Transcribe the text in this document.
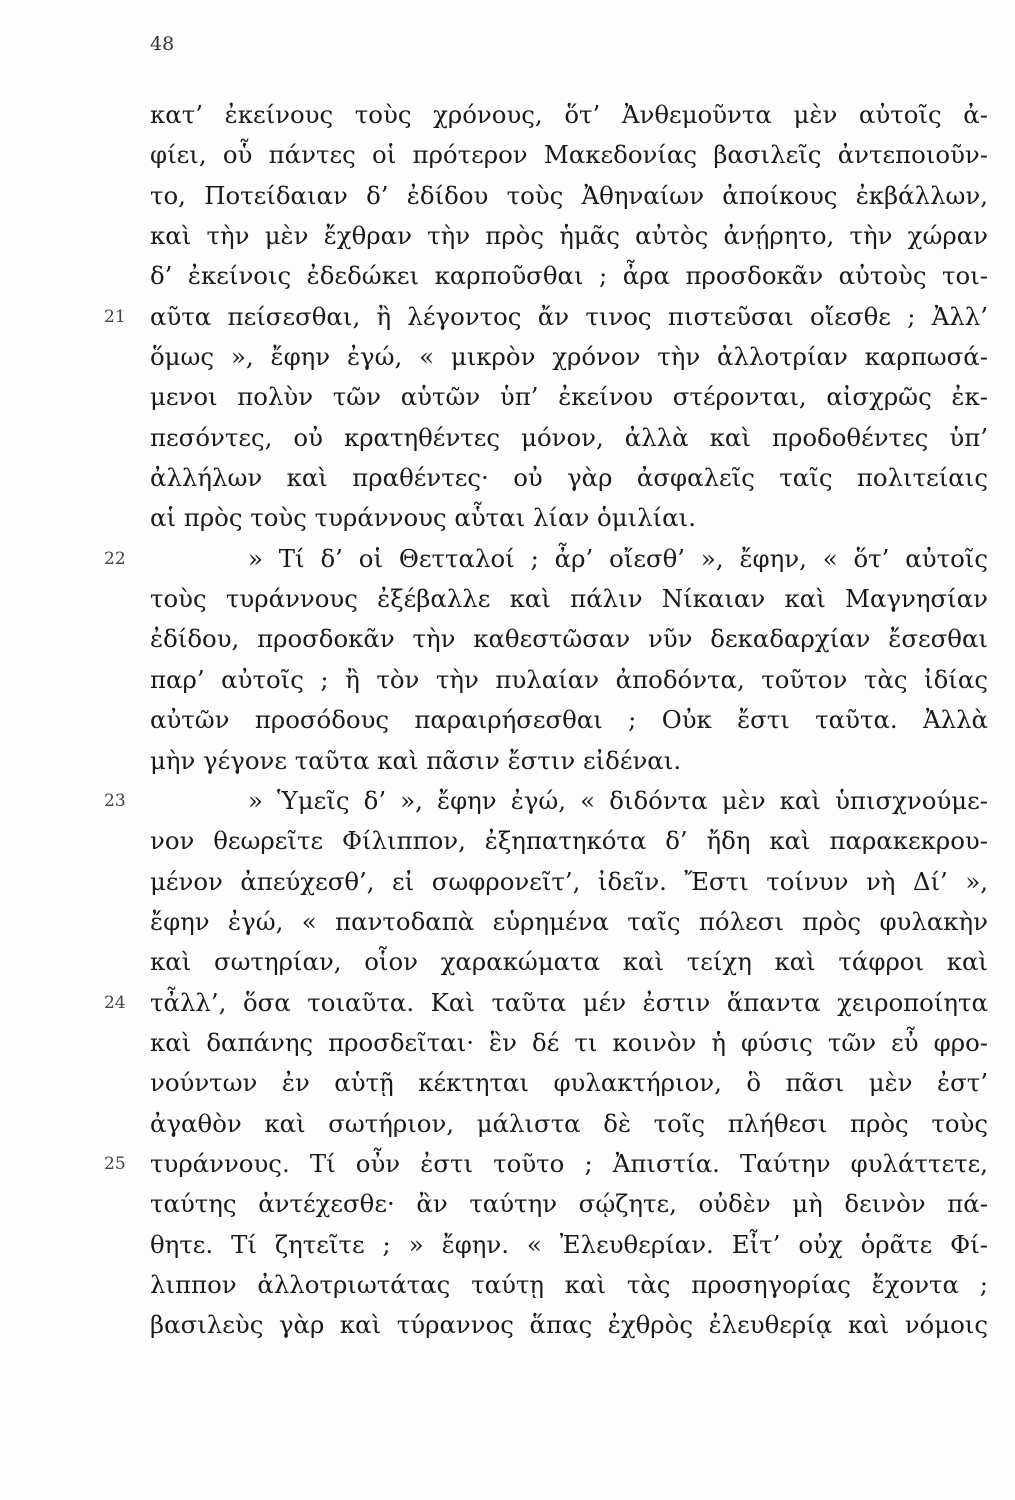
48
κατ’ ἐκείνους τοὺς χρόνους, ὅτ’ Ἀνθεμοῦντα μὲν αὐτοῖς ἀ-
φίει, οὗ πάντες οἱ πρότερον Μακεδονίας βασιλεῖς ἀντεποιοῦν-
το, Ποτείδαιαν δ’ ἐδίδου τοὺς Ἀθηναίων ἀποίκους ἐκβάλλων,
καὶ τὴν μὲν ἔχθραν τὴν πρὸς ἡμᾶς αὐτὸς ἀνῄρητο, τὴν χώραν
δ’ ἐκείνοις ἐδεδώκει καρποῦσθαι ; ἆρα προσδοκᾶν αὐτοὺς τοι-
21 αῦτα πείσεσθαι, ἢ λέγοντος ἄν τινος πιστεῦσαι οἴεσθε ; Ἀλλ’
ὅμως », ἔφην ἐγώ, « μικρὸν χρόνον τὴν ἀλλοτρίαν καρπωσά-
μενοι πολὺν τῶν αὑτῶν ὑπ’ ἐκείνου στέρονται, αἰσχρῶς ἐκ-
πεσόντες, οὐ κρατηθέντες μόνον, ἀλλὰ καὶ προδοθέντες ὑπ’
ἀλλήλων καὶ πραθέντες· οὐ γὰρ ἀσφαλεῖς ταῖς πολιτείαις
αἱ πρὸς τοὺς τυράννους αὗται λίαν ὁμιλίαι.
22	» Τί δ’ οἱ Θετταλοί ; ἆρ’ οἴεσθ’ », ἔφην, « ὅτ’ αὐτοῖς
τοὺς τυράννους ἐξέβαλλε καὶ πάλιν Νίκαιαν καὶ Μαγνησίαν
ἐδίδου, προσδοκᾶν τὴν καθεστῶσαν νῦν δεκαδαρχίαν ἔσεσθαι
παρ’ αὐτοῖς ; ἢ τὸν τὴν πυλαίαν ἀποδόντα, τοῦτον τὰς ἰδίας
αὐτῶν προσόδους παραιρήσεσθαι ; Οὐκ ἔστι ταῦτα. Ἀλλὰ
μὴν γέγονε ταῦτα καὶ πᾶσιν ἔστιν εἰδέναι.
23	» Ὑμεῖς δ’ », ἔφην ἐγώ, « διδόντα μὲν καὶ ὑπισχνούμε-
νον θεωρεῖτε Φίλιππον, ἐξηπατηκότα δ’ ἤδη καὶ παρακεκρου-
μένον ἀπεύχεσθ’, εἰ σωφρονεῖτ’, ἰδεῖν. Ἔστι τοίνυν νὴ Δί’ »,
ἔφην ἐγώ, « παντοδαπὰ εὑρημένα ταῖς πόλεσι πρὸς φυλακὴν
καὶ σωτηρίαν, οἷον χαρακώματα καὶ τείχη καὶ τάφροι καὶ
24 τἆλλ’, ὅσα τοιαῦτα. Καὶ ταῦτα μέν ἐστιν ἅπαντα χειροποίητα
καὶ δαπάνης προσδεῖται· ἓν δέ τι κοινὸν ἡ φύσις τῶν εὖ φρο-
νούντων ἐν αὑτῇ κέκτηται φυλακτήριον, ὃ πᾶσι μὲν ἐστ’
ἀγαθὸν καὶ σωτήριον, μάλιστα δὲ τοῖς πλήθεσι πρὸς τοὺς
25 τυράννους. Τί οὖν ἐστι τοῦτο ; Ἀπιστία. Ταύτην φυλάττετε,
ταύτης ἀντέχεσθε· ἂν ταύτην σῴζητε, οὐδὲν μὴ δεινὸν πά-
θητε. Τί ζητεῖτε ; » ἔφην. « Ἐλευθερίαν. Εἶτ’ οὐχ ὁρᾶτε Φί-
λιππον ἀλλοτριωτάτας ταύτῃ καὶ τὰς προσηγορίας ἔχοντα ;
βασιλεὺς γὰρ καὶ τύραννος ἅπας ἐχθρὸς ἐλευθερίᾳ καὶ νόμοις
